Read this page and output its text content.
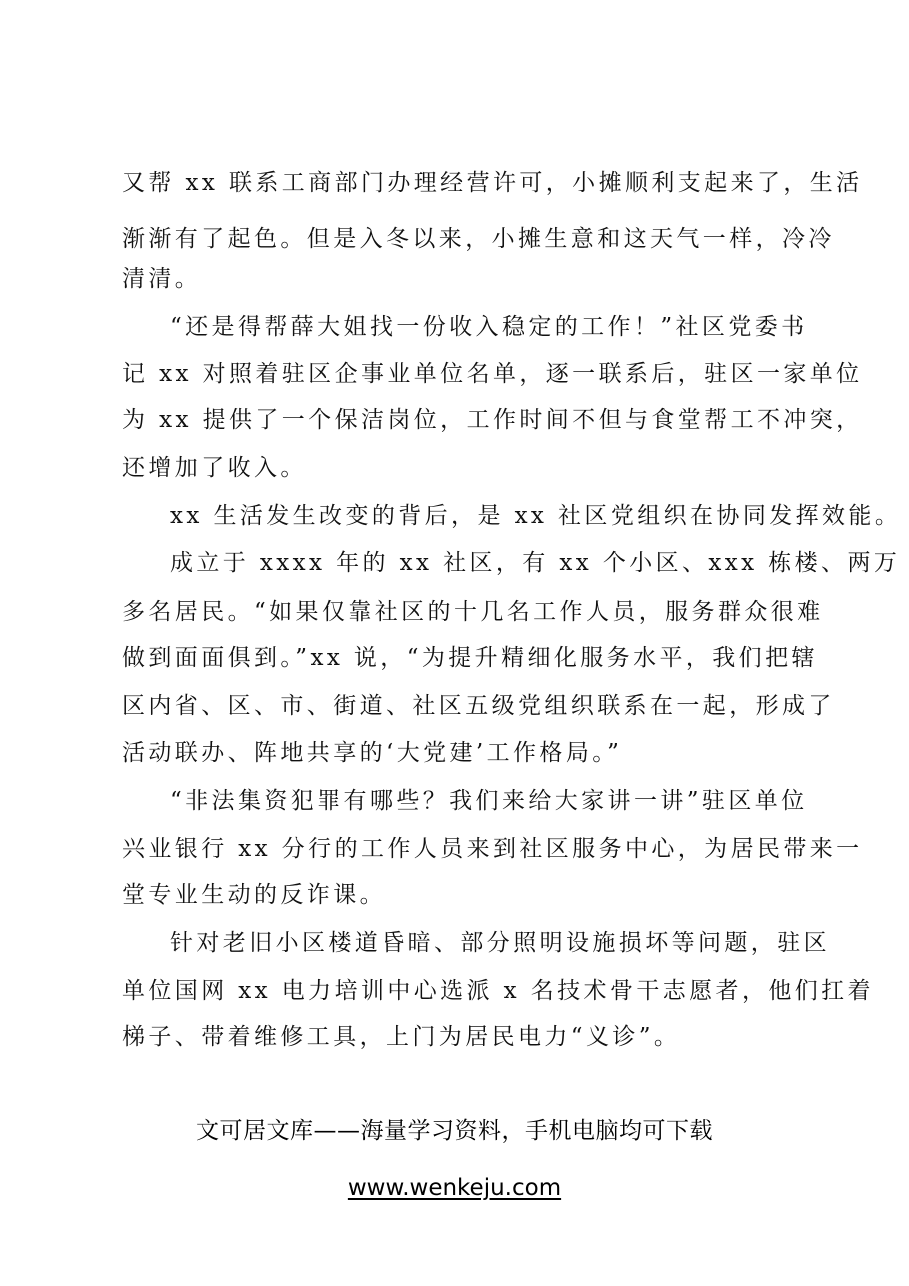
又帮 xx 联系工商部门办理经营许可，小摊顺利支起来了，生活
渐渐有了起色。但是入冬以来，小摊生意和这天气一样，冷冷
清清。
“还是得帮薛大姐找一份收入稳定的工作！”社区党委书
记 xx 对照着驻区企事业单位名单，逐一联系后，驻区一家单位
为 xx 提供了一个保洁岗位，工作时间不但与食堂帮工不冲突，
还增加了收入。
xx 生活发生改变的背后，是 xx 社区党组织在协同发挥效能。
成立于 xxxx 年的 xx 社区，有 xx 个小区、xxx 栋楼、两万
多名居民。“如果仅靠社区的十几名工作人员，服务群众很难
做到面面俱到。”xx 说，“为提升精细化服务水平，我们把辖
区内省、区、市、街道、社区五级党组织联系在一起，形成了
活动联办、阵地共享的‘大党建’工作格局。”
“非法集资犯罪有哪些？我们来给大家讲一讲”驻区单位
兴业银行 xx 分行的工作人员来到社区服务中心，为居民带来一
堂专业生动的反诈课。
针对老旧小区楼道昏暗、部分照明设施损坏等问题，驻区
单位国网 xx 电力培训中心选派 x 名技术骨干志愿者，他们扛着
梯子、带着维修工具，上门为居民电力“义诊”。
文可居文库——海量学习资料，手机电脑均可下载
www.wenkeju.com
